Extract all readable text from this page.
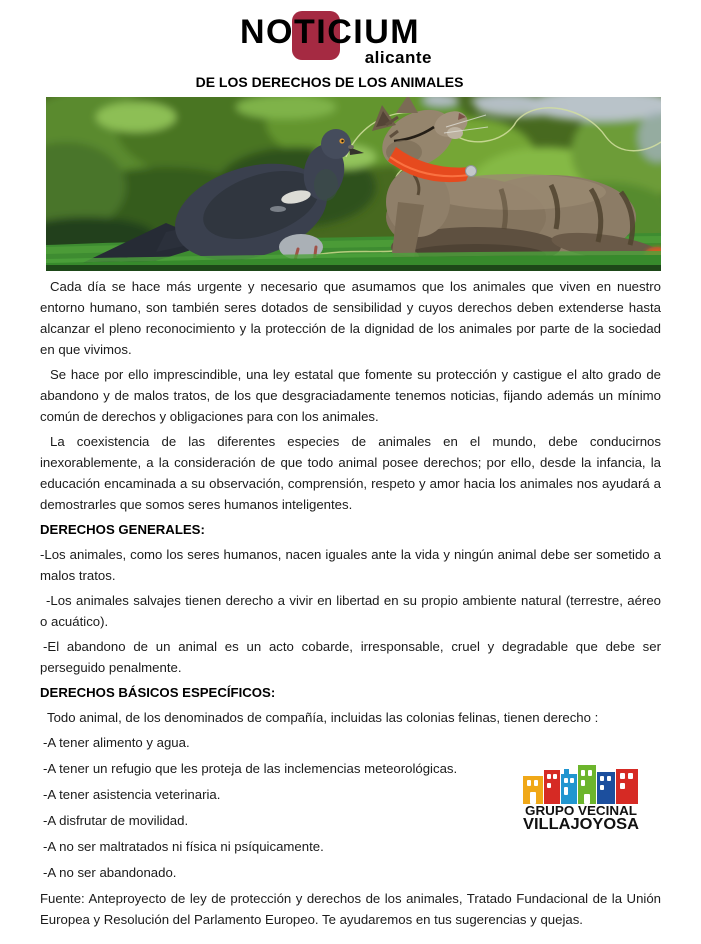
NOTICIUM
alicante
DE LOS DERECHOS DE LOS ANIMALES

Cada día se hace más urgente y necesario que asumamos que los animales que viven en nuestro entorno humano, son también seres dotados de sensibilidad y cuyos derechos deben extenderse hasta alcanzar el pleno reconocimiento y la protección de la dignidad de los animales por parte de la sociedad en que vivimos.

Se hace por ello imprescindible, una ley estatal que fomente su protección y castigue el alto grado de abandono y de malos tratos, de los que desgraciadamente tenemos noticias, fijando además un mínimo común de derechos y obligaciones para con los animales.

La coexistencia de las diferentes especies de animales en el mundo, debe conducirnos inexorablemente, a la consideración de que todo animal posee derechos; por ello, desde la infancia, la educación encaminada a su observación, comprensión, respeto y amor hacia los animales nos ayudará a demostrarles que somos seres humanos inteligentes.

DERECHOS GENERALES:

-Los animales, como los seres humanos, nacen iguales ante la vida y ningún animal debe ser sometido a malos tratos.

-Los animales salvajes tienen derecho a vivir en libertad en su propio ambiente natural (terrestre, aéreo o acuático).

-El abandono de un animal es un acto cobarde, irresponsable, cruel y degradable que debe ser perseguido penalmente.

DERECHOS BÁSICOS ESPECÍFICOS:

Todo animal, de los denominados de compañía, incluidas las colonias felinas, tienen derecho :

-A tener alimento y agua.

-A tener un refugio que les proteja de las inclemencias meteorológicas.

-A tener asistencia veterinaria.

-A disfrutar de movilidad.

-A no ser maltratados ni física ni psíquicamente.

-A no ser abandonado.

Fuente: Anteproyecto de ley de protección y derechos de los animales, Tratado Fundacional de la Unión Europea y Resolución del Parlamento Europeo. Te ayudaremos en tus sugerencias y quejas.

GRUPO VECINAL
VILLAJOYOSA
